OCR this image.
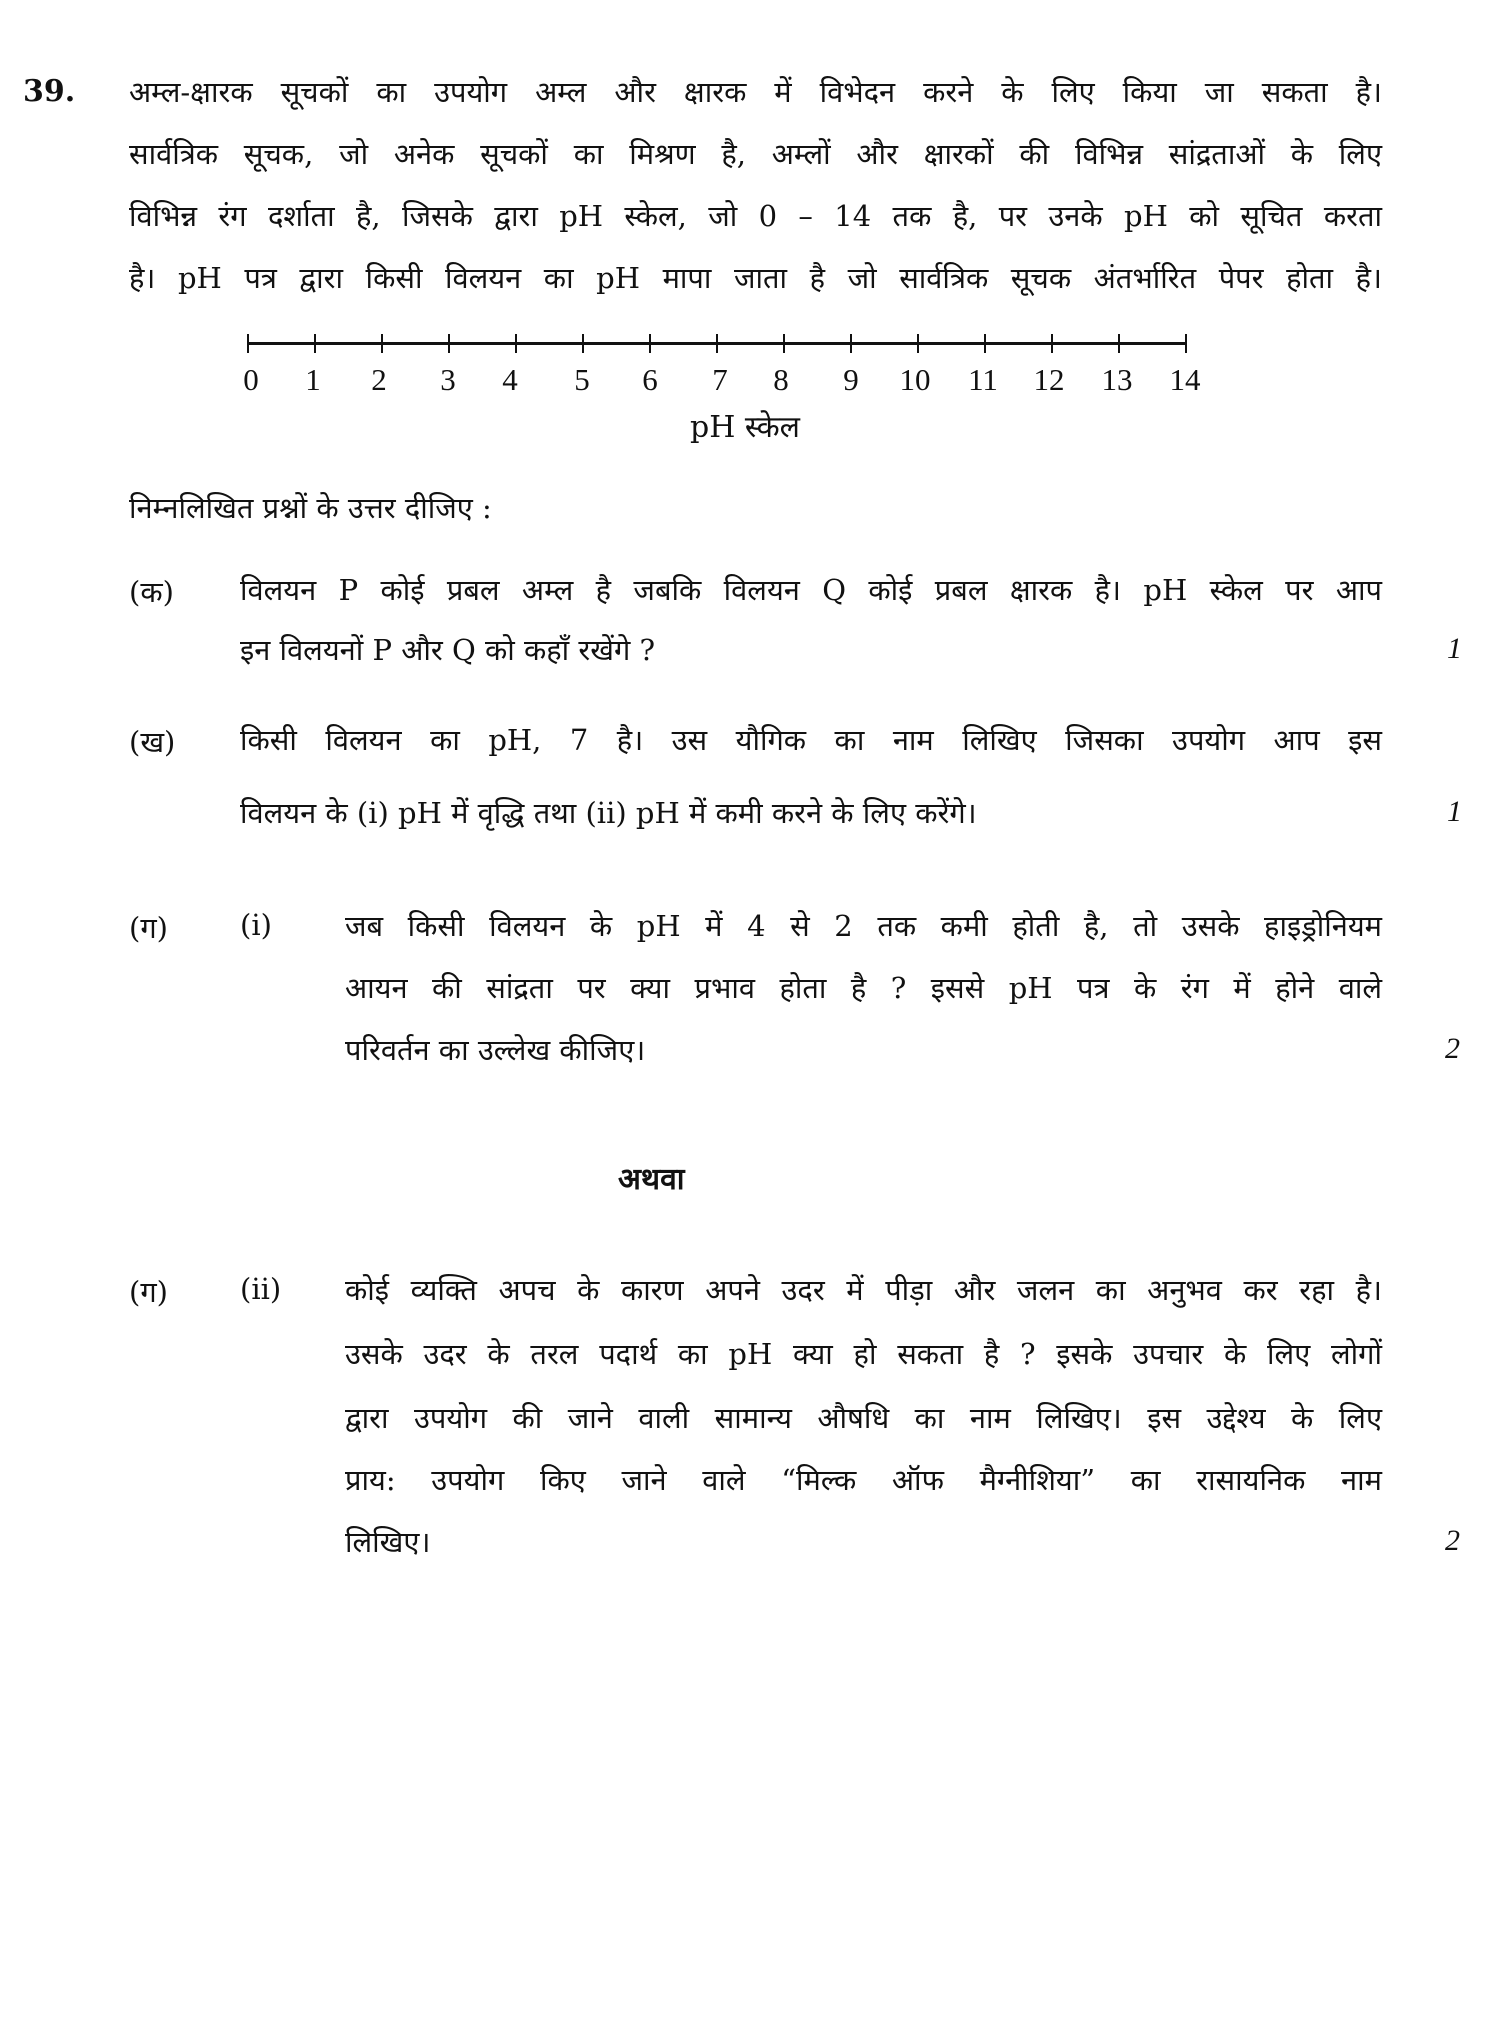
39. अम्ल-क्षारक सूचकों का उपयोग अम्ल और क्षारक में विभेदन करने के लिए किया जा सकता है।
सार्वत्रिक सूचक, जो अनेक सूचकों का मिश्रण है, अम्लों और क्षारकों की विभिन्न सांद्रताओं के लिए
विभिन्न रंग दर्शाता है, जिसके द्वारा pH स्केल, जो 0 – 14 तक है, पर उनके pH को सूचित करता
है। pH पत्र द्वारा किसी विलयन का pH मापा जाता है जो सार्वत्रिक सूचक अंतर्भारित पेपर होता है।
0 1 2 3 4 5 6 7 8 9 10 11 12 13 14
pH स्केल
निम्नलिखित प्रश्नों के उत्तर दीजिए :
(क) विलयन P कोई प्रबल अम्ल है जबकि विलयन Q कोई प्रबल क्षारक है। pH स्केल पर आप
इन विलयनों P और Q को कहाँ रखेंगे ?	1
(ख) किसी विलयन का pH, 7 है। उस यौगिक का नाम लिखिए जिसका उपयोग आप इस
विलयन के (i) pH में वृद्धि तथा (ii) pH में कमी करने के लिए करेंगे।	1
(ग) (i)	जब किसी विलयन के pH में 4 से 2 तक कमी होती है, तो उसके हाइड्रोनियम
आयन की सांद्रता पर क्या प्रभाव होता है ? इससे pH पत्र के रंग में होने वाले
परिवर्तन का उल्लेख कीजिए।	2
अथवा
(ग) (ii) कोई व्यक्ति अपच के कारण अपने उदर में पीड़ा और जलन का अनुभव कर रहा है।
उसके उदर के तरल पदार्थ का pH क्या हो सकता है ? इसके उपचार के लिए लोगों
द्वारा उपयोग की जाने वाली सामान्य औषधि का नाम लिखिए। इस उद्देश्य के लिए
प्राय: उपयोग किए जाने वाले “मिल्क ऑफ मैग्नीशिया” का रासायनिक नाम
लिखिए।	2
